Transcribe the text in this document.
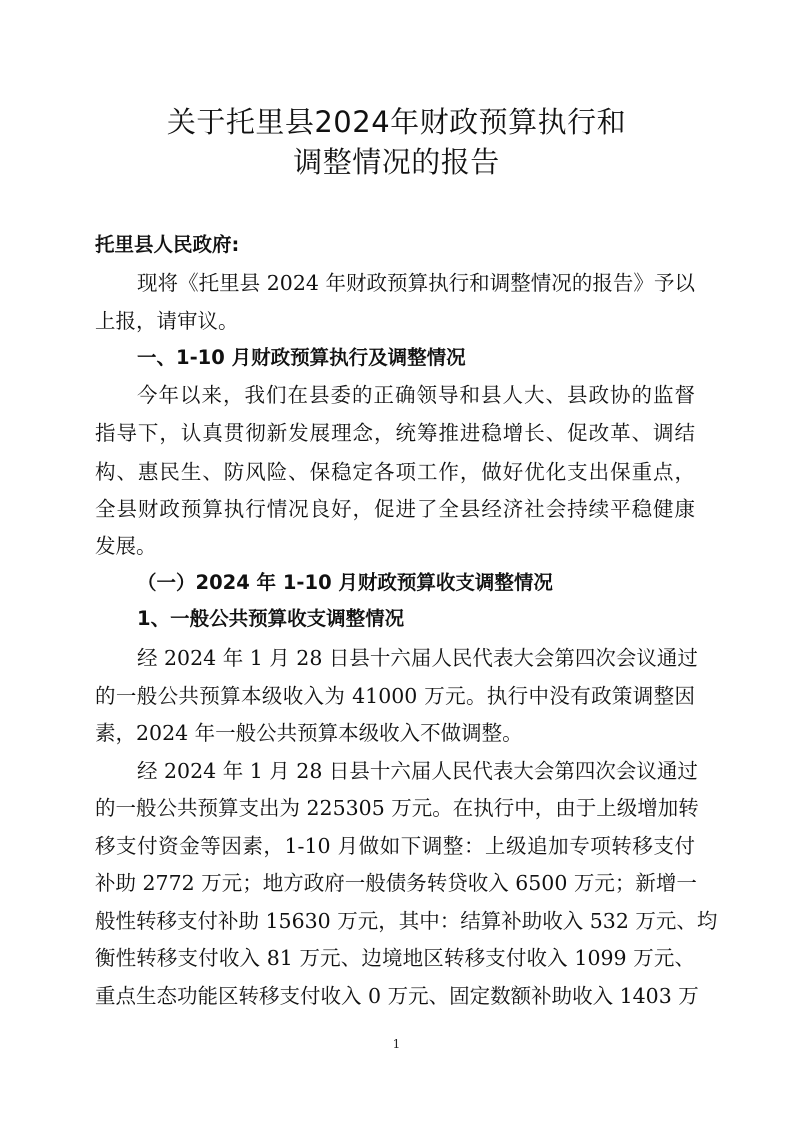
关于托里县2024年财政预算执行和
调整情况的报告
托里县人民政府:
现将《托里县 2024 年财政预算执行和调整情况的报告》予以
上报，请审议。
一、1-10 月财政预算执行及调整情况
今年以来，我们在县委的正确领导和县人大、县政协的监督
指导下，认真贯彻新发展理念，统筹推进稳增长、促改革、调结
构、惠民生、防风险、保稳定各项工作，做好优化支出保重点，
全县财政预算执行情况良好，促进了全县经济社会持续平稳健康
发展。
（一）2024 年 1-10 月财政预算收支调整情况
1、一般公共预算收支调整情况
经 2024 年 1 月 28 日县十六届人民代表大会第四次会议通过
的一般公共预算本级收入为 41000 万元。执行中没有政策调整因
素，2024 年一般公共预算本级收入不做调整。
经 2024 年 1 月 28 日县十六届人民代表大会第四次会议通过
的一般公共预算支出为 225305 万元。在执行中，由于上级增加转
移支付资金等因素，1-10 月做如下调整：上级追加专项转移支付
补助 2772 万元；地方政府一般债务转贷收入 6500 万元；新增一
般性转移支付补助 15630 万元，其中：结算补助收入 532 万元、均
衡性转移支付收入 81 万元、边境地区转移支付收入 1099 万元、
重点生态功能区转移支付收入 0 万元、固定数额补助收入 1403 万
1
